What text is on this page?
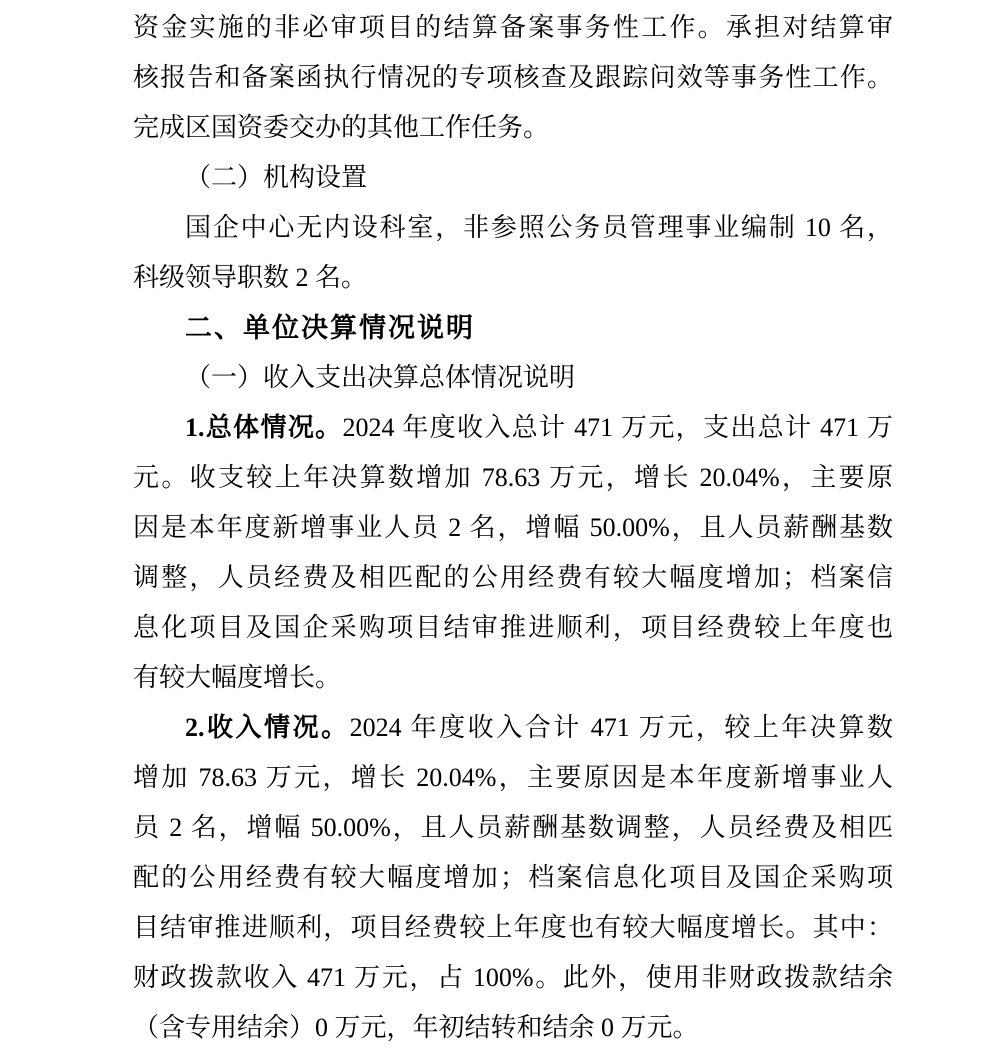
资金实施的非必审项目的结算备案事务性工作。承担对结算审
核报告和备案函执行情况的专项核查及跟踪问效等事务性工作。
完成区国资委交办的其他工作任务。
（二）机构设置
国企中心无内设科室，非参照公务员管理事业编制 10 名，
科级领导职数 2 名。
二、单位决算情况说明
（一）收入支出决算总体情况说明
1.总体情况。2024 年度收入总计 471 万元，支出总计 471 万
元。收支较上年决算数增加 78.63 万元，增长 20.04%，主要原
因是本年度新增事业人员 2 名，增幅 50.00%，且人员薪酬基数
调整，人员经费及相匹配的公用经费有较大幅度增加；档案信
息化项目及国企采购项目结审推进顺利，项目经费较上年度也
有较大幅度增长。
2.收入情况。2024 年度收入合计 471 万元，较上年决算数
增加 78.63 万元，增长 20.04%，主要原因是本年度新增事业人
员 2 名，增幅 50.00%，且人员薪酬基数调整，人员经费及相匹
配的公用经费有较大幅度增加；档案信息化项目及国企采购项
目结审推进顺利，项目经费较上年度也有较大幅度增长。其中：
财政拨款收入 471 万元，占 100%。此外，使用非财政拨款结余
（含专用结余）0 万元，年初结转和结余 0 万元。
